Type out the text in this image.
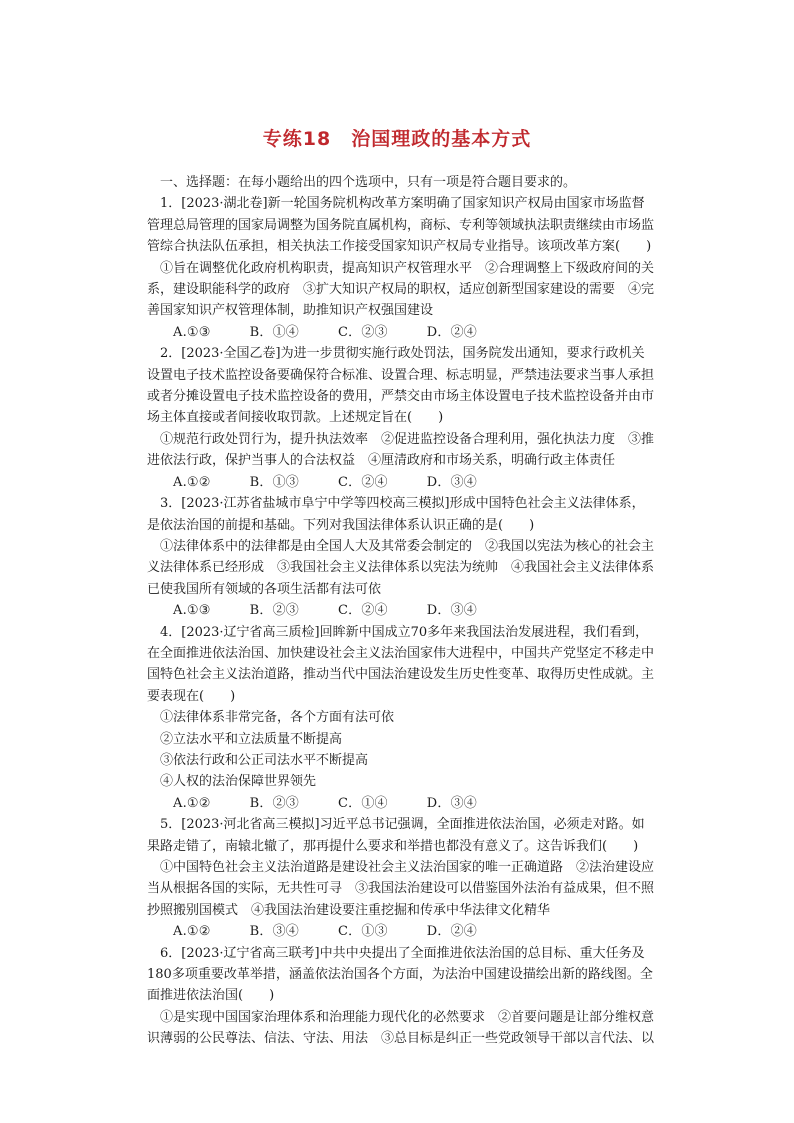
专练18　治国理政的基本方式

一、选择题：在每小题给出的四个选项中，只有一项是符合题目要求的。

1．[2023·湖北卷]新一轮国务院机构改革方案明确了国家知识产权局由国家市场监督管理总局管理的国家局调整为国务院直属机构，商标、专利等领域执法职责继续由市场监管综合执法队伍承担，相关执法工作接受国家知识产权局专业指导。该项改革方案(　　)

①旨在调整优化政府机构职责，提高知识产权管理水平　②合理调整上下级政府间的关系，建设职能科学的政府　③扩大知识产权局的职权，适应创新型国家建设的需要　④完善国家知识产权管理体制，助推知识产权强国建设

A.①③	B．①④	C．②③	D．②④

2．[2023·全国乙卷]为进一步贯彻实施行政处罚法，国务院发出通知，要求行政机关设置电子技术监控设备要确保符合标准、设置合理、标志明显，严禁违法要求当事人承担或者分摊设置电子技术监控设备的费用，严禁交由市场主体设置电子技术监控设备并由市场主体直接或者间接收取罚款。上述规定旨在(　　)

①规范行政处罚行为，提升执法效率　②促进监控设备合理利用，强化执法力度　③推进依法行政，保护当事人的合法权益　④厘清政府和市场关系，明确行政主体责任

A.①②	B．①③	C．②④	D．③④

3．[2023·江苏省盐城市阜宁中学等四校高三模拟]形成中国特色社会主义法律体系，是依法治国的前提和基础。下列对我国法律体系认识正确的是(　　)

①法律体系中的法律都是由全国人大及其常委会制定的　②我国以宪法为核心的社会主义法律体系已经形成　③我国社会主义法律体系以宪法为统帅　④我国社会主义法律体系已使我国所有领域的各项生活都有法可依

A.①③	B．②③	C．②④	D．③④

4．[2023·辽宁省高三质检]回眸新中国成立70多年来我国法治发展进程，我们看到，在全面推进依法治国、加快建设社会主义法治国家伟大进程中，中国共产党坚定不移走中国特色社会主义法治道路，推动当代中国法治建设发生历史性变革、取得历史性成就。主要表现在(　　)

①法律体系非常完备，各个方面有法可依

②立法水平和立法质量不断提高

③依法行政和公正司法水平不断提高

④人权的法治保障世界领先

A.①②	B．②③	C．①④	D．③④

5．[2023·河北省高三模拟]习近平总书记强调，全面推进依法治国，必须走对路。如果路走错了，南辕北辙了，那再提什么要求和举措也都没有意义了。这告诉我们(　　)

①中国特色社会主义法治道路是建设社会主义法治国家的唯一正确道路　②法治建设应当从根据各国的实际，无共性可寻　③我国法治建设可以借鉴国外法治有益成果，但不照抄照搬别国模式　④我国法治建设要注重挖掘和传承中华法律文化精华

A.①②	B．③④	C．①③	D．②④

6．[2023·辽宁省高三联考]中共中央提出了全面推进依法治国的总目标、重大任务及180多项重要改革举措，涵盖依法治国各个方面，为法治中国建设描绘出新的路线图。全面推进依法治国(　　)

①是实现中国国家治理体系和治理能力现代化的必然要求　②首要问题是让部分维权意识薄弱的公民尊法、信法、守法、用法　③总目标是纠正一些党政领导干部以言代法、以
